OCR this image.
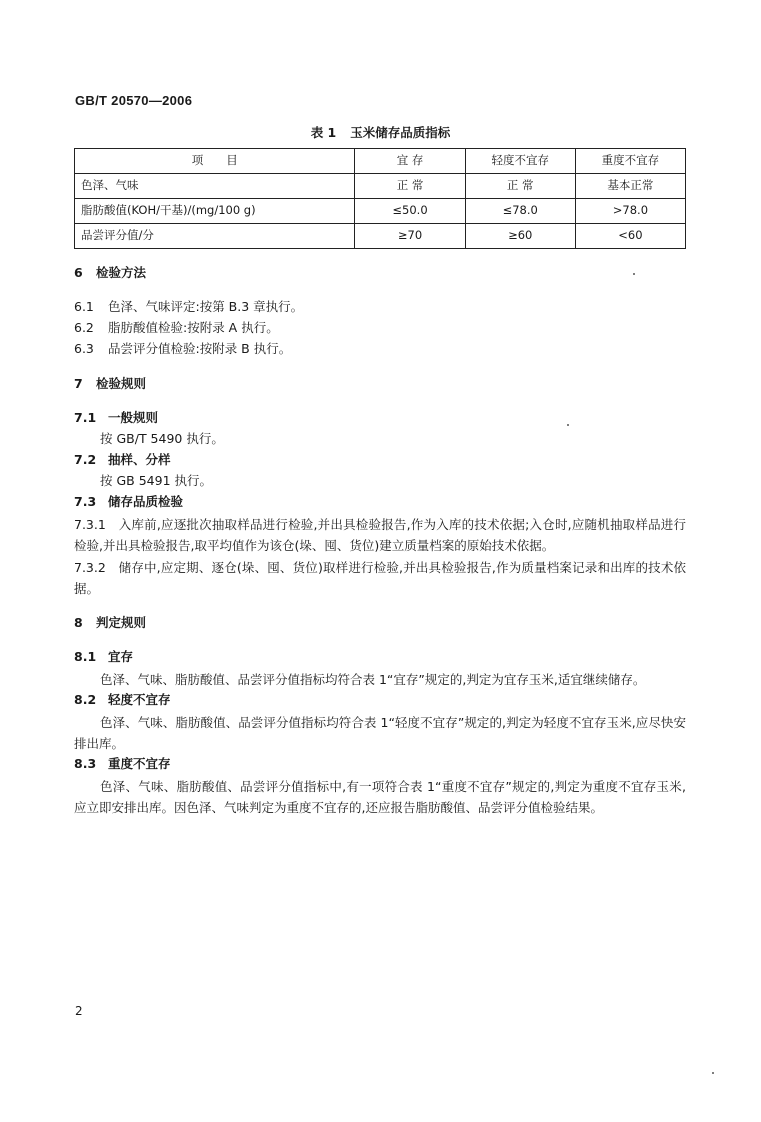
GB/T 20570—2006
表 1 玉米储存品质指标
项　　目	宜 存	轻度不宜存	重度不宜存
色泽、气味	正 常	正 常	基本正常
脂肪酸值(KOH/干基)/(mg/100 g)	≤50.0	≤78.0	>78.0
品尝评分值/分	≥70	≥60	<60
6 检验方法
6.1 色泽、气味评定:按第 B.3 章执行。
6.2 脂肪酸值检验:按附录 A 执行。
6.3 品尝评分值检验:按附录 B 执行。
7 检验规则
7.1 一般规则
按 GB/T 5490 执行。
7.2 抽样、分样
按 GB 5491 执行。
7.3 储存品质检验
7.3.1　入库前,应逐批次抽取样品进行检验,并出具检验报告,作为入库的技术依据;入仓时,应随机抽取样品进行检验,并出具检验报告,取平均值作为该仓(垛、囤、货位)建立质量档案的原始技术依据。
7.3.2　储存中,应定期、逐仓(垛、囤、货位)取样进行检验,并出具检验报告,作为质量档案记录和出库的技术依据。
8 判定规则
8.1 宜存
色泽、气味、脂肪酸值、品尝评分值指标均符合表 1“宜存”规定的,判定为宜存玉米,适宜继续储存。
8.2 轻度不宜存
色泽、气味、脂肪酸值、品尝评分值指标均符合表 1“轻度不宜存”规定的,判定为轻度不宜存玉米,应尽快安排出库。
8.3 重度不宜存
色泽、气味、脂肪酸值、品尝评分值指标中,有一项符合表 1“重度不宜存”规定的,判定为重度不宜存玉米,应立即安排出库。因色泽、气味判定为重度不宜存的,还应报告脂肪酸值、品尝评分值检验结果。
2
